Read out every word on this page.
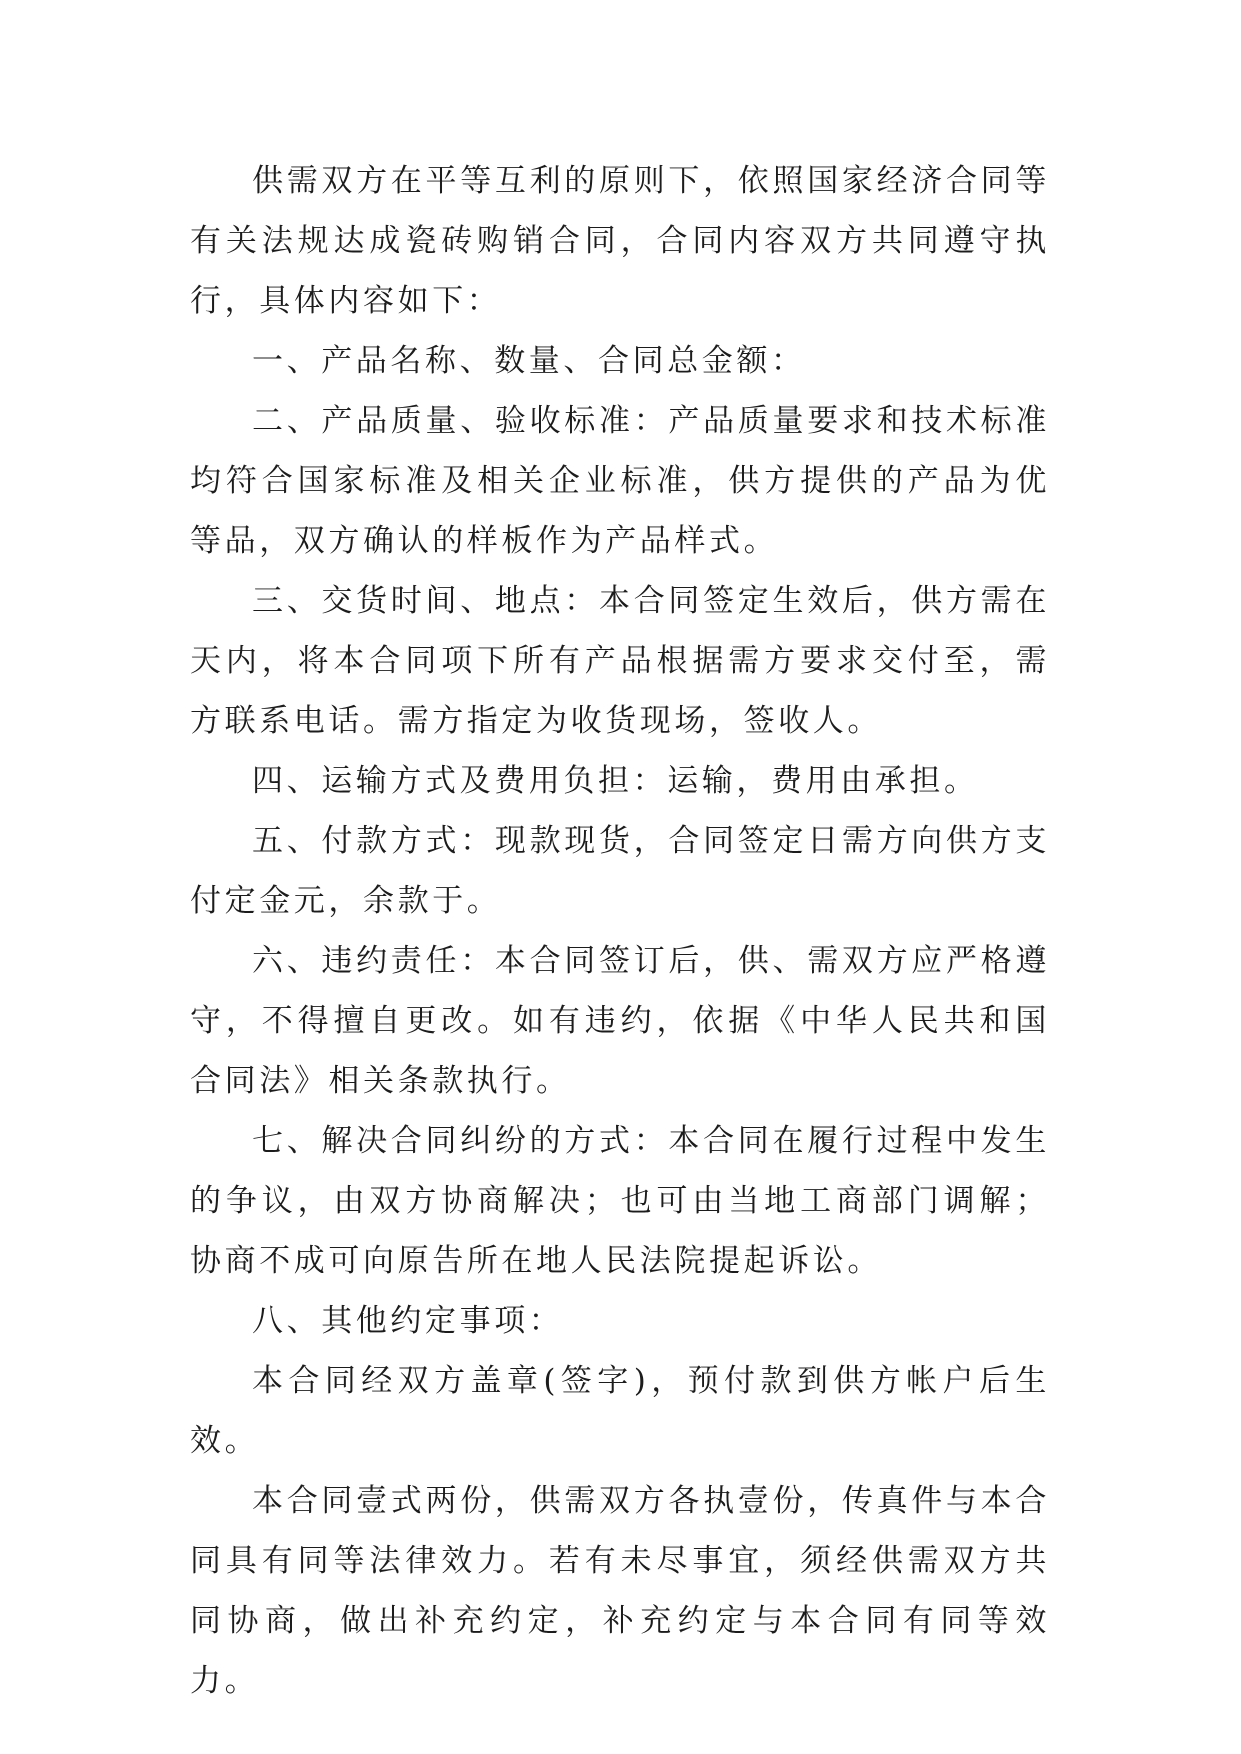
供需双方在平等互利的原则下，依照国家经济合同等有关法规达成瓷砖购销合同，合同内容双方共同遵守执行，具体内容如下：

一、产品名称、数量、合同总金额：

二、产品质量、验收标准：产品质量要求和技术标准均符合国家标准及相关企业标准，供方提供的产品为优等品，双方确认的样板作为产品样式。

三、交货时间、地点：本合同签定生效后，供方需在天内，将本合同项下所有产品根据需方要求交付至，需方联系电话。需方指定为收货现场，签收人。

四、运输方式及费用负担：运输，费用由承担。

五、付款方式：现款现货，合同签定日需方向供方支付定金元，余款于。

六、违约责任：本合同签订后，供、需双方应严格遵守，不得擅自更改。如有违约，依据《中华人民共和国合同法》相关条款执行。

七、解决合同纠纷的方式：本合同在履行过程中发生的争议，由双方协商解决；也可由当地工商部门调解；协商不成可向原告所在地人民法院提起诉讼。

八、其他约定事项：

本合同经双方盖章(签字)，预付款到供方帐户后生效。

本合同壹式两份，供需双方各执壹份，传真件与本合同具有同等法律效力。若有未尽事宜，须经供需双方共同协商，做出补充约定，补充约定与本合同有同等效力。
